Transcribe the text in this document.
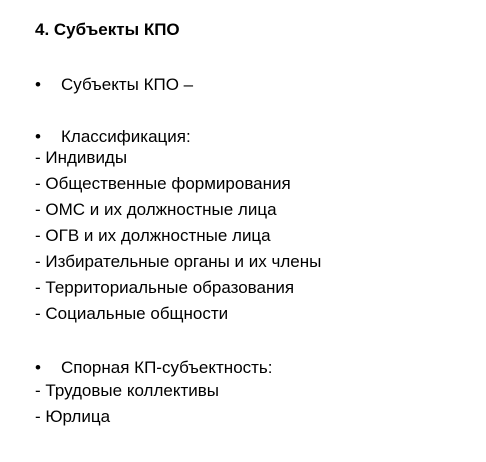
4. Субъекты КПО
• Субъекты КПО –
• Классификация:
- Индивиды
- Общественные формирования
- ОМС и их должностные лица
- ОГВ и их должностные лица
- Избирательные органы и их члены
- Территориальные образования
- Социальные общности
• Спорная КП-субъектность:
- Трудовые коллективы
- Юрлица
